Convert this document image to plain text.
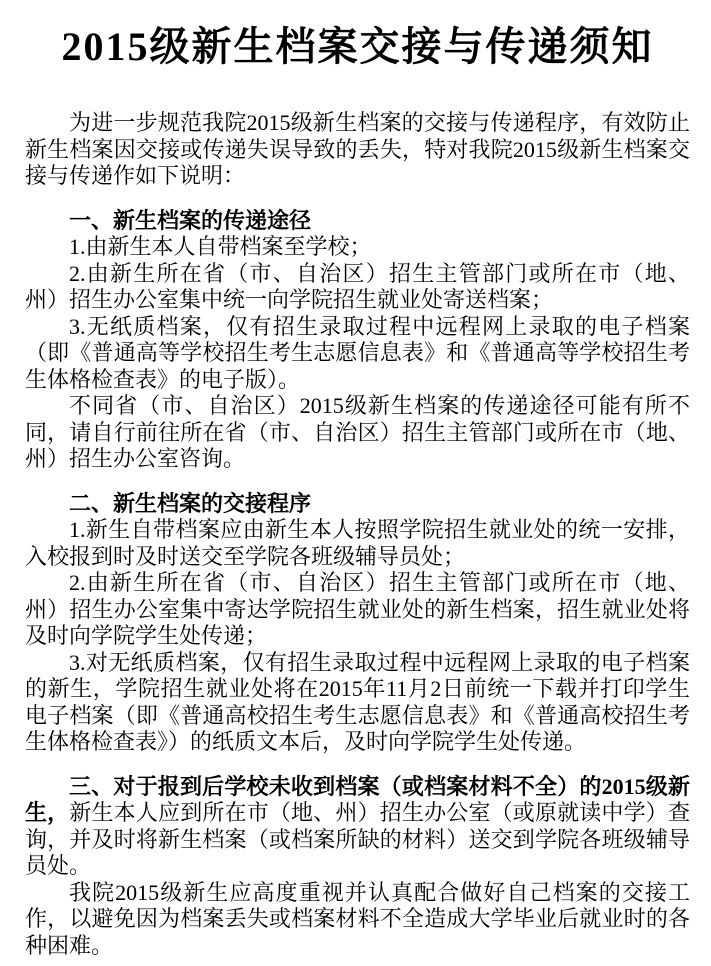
2015级新生档案交接与传递须知

为进一步规范我院2015级新生档案的交接与传递程序，有效防止新生档案因交接或传递失误导致的丢失，特对我院2015级新生档案交接与传递作如下说明：

一、新生档案的传递途径

1.由新生本人自带档案至学校；

2.由新生所在省（市、自治区）招生主管部门或所在市（地、州）招生办公室集中统一向学院招生就业处寄送档案；

3.无纸质档案，仅有招生录取过程中远程网上录取的电子档案（即《普通高等学校招生考生志愿信息表》和《普通高等学校招生考生体格检查表》的电子版）。

不同省（市、自治区）2015级新生档案的传递途径可能有所不同，请自行前往所在省（市、自治区）招生主管部门或所在市（地、州）招生办公室咨询。

二、新生档案的交接程序

1.新生自带档案应由新生本人按照学院招生就业处的统一安排，入校报到时及时送交至学院各班级辅导员处；

2.由新生所在省（市、自治区）招生主管部门或所在市（地、州）招生办公室集中寄达学院招生就业处的新生档案，招生就业处将及时向学院学生处传递；

3.对无纸质档案，仅有招生录取过程中远程网上录取的电子档案的新生，学院招生就业处将在2015年11月2日前统一下载并打印学生电子档案（即《普通高校招生考生志愿信息表》和《普通高校招生考生体格检查表》）的纸质文本后，及时向学院学生处传递。

三、对于报到后学校未收到档案（或档案材料不全）的2015级新生，新生本人应到所在市（地、州）招生办公室（或原就读中学）查询，并及时将新生档案（或档案所缺的材料）送交到学院各班级辅导员处。

我院2015级新生应高度重视并认真配合做好自己档案的交接工作，以避免因为档案丢失或档案材料不全造成大学毕业后就业时的各种困难。
